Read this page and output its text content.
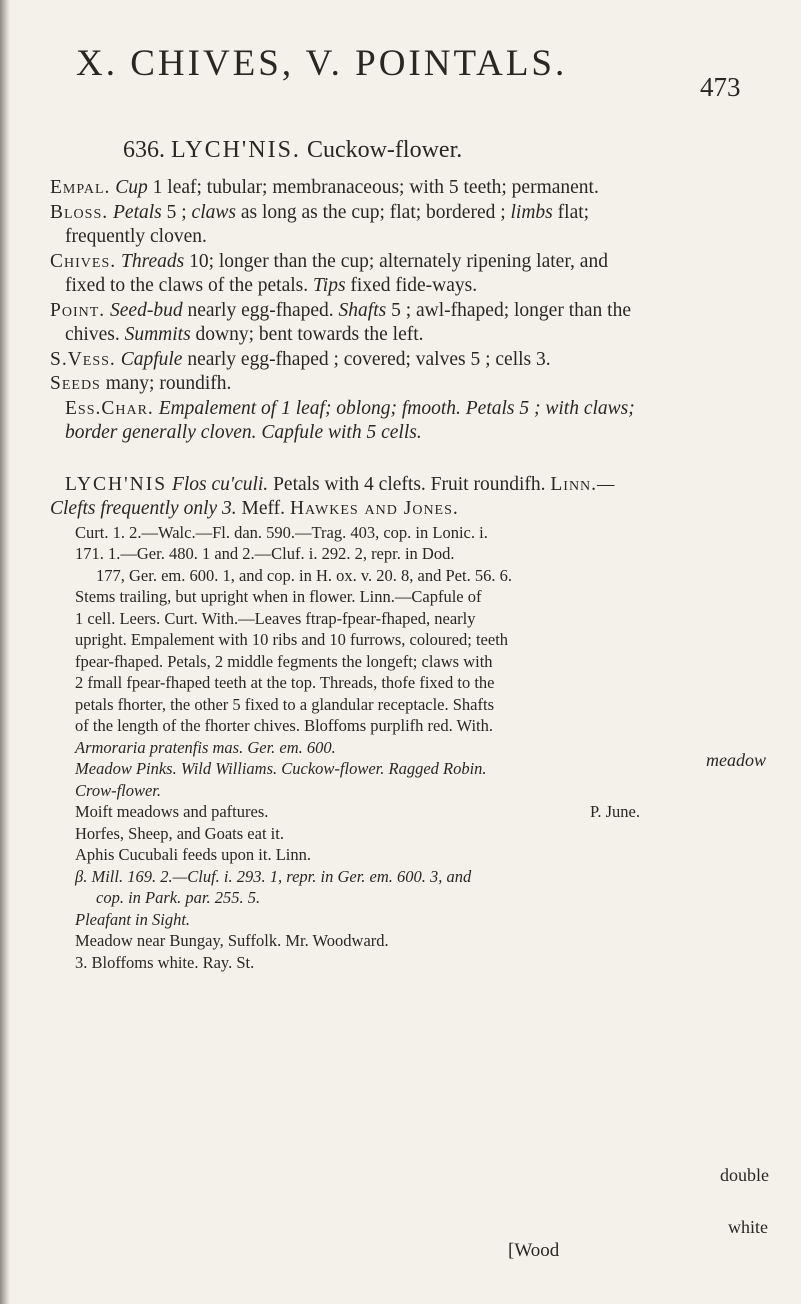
X. CHIVES, V. POINTALS.
473
636. LYCH'NIS. Cuckow-flower.

Empal. Cup 1 leaf; tubular; membranaceous; with 5 teeth; permanent.

Bloss. Petals 5 ; claws as long as the cup; flat; bordered ; limbs flat; frequently cloven.

Chives. Threads 10; longer than the cup; alternately ripening later, and fixed to the claws of the petals. Tips fixed fide-ways.

Point. Seed-bud nearly egg-fhaped. Shafts 5 ; awl-fhaped; longer than the chives. Summits downy; bent towards the left.

S.Vess. Capfule nearly egg-fhaped ; covered; valves 5 ; cells 3.

Seeds many; roundifh.

Ess.Char. Empalement of 1 leaf; oblong; fmooth. Petals 5 ; with claws; border generally cloven. Capfule with 5 cells.

LYCH'NIS Flos cu'culi. Petals with 4 clefts. Fruit roundifh. Linn.—Clefts frequently only 3. Meff. Hawkes and Jones.

Curt. 1. 2.—Walc.—Fl. dan. 590.—Trag. 403, cop. in Lonic. i.

171. 1.—Ger. 480. 1 and 2.—Cluf. i. 292. 2, repr. in Dod.

177, Ger. em. 600. 1, and cop. in H. ox. v. 20. 8, and Pet. 56. 6.

Stems trailing, but upright when in flower. Linn.—Capfule of

1 cell. Leers. Curt. With.—Leaves ftrap-fpear-fhaped, nearly

upright. Empalement with 10 ribs and 10 furrows, coloured; teeth

fpear-fhaped. Petals, 2 middle fegments the longeft; claws with

2 fmall fpear-fhaped teeth at the top. Threads, thofe fixed to the

petals fhorter, the other 5 fixed to a glandular receptacle. Shafts

of the length of the fhorter chives. Bloffoms purplifh red. With.

Armoraria pratenfis mas. Ger. em. 600.

Meadow Pinks. Wild Williams. Cuckow-flower. Ragged Robin.

Crow-flower.

Moift meadows and paftures.	P. June.

Horfes, Sheep, and Goats eat it.

Aphis Cucubali feeds upon it. Linn.

β. Mill. 169. 2.—Cluf. i. 293. 1, repr. in Ger. em. 600. 3, and

cop. in Park. par. 255. 5.

Pleafant in Sight.

Meadow near Bungay, Suffolk. Mr. Woodward.

3. Bloffoms white. Ray. St.

meadow
double
white
[Wood
